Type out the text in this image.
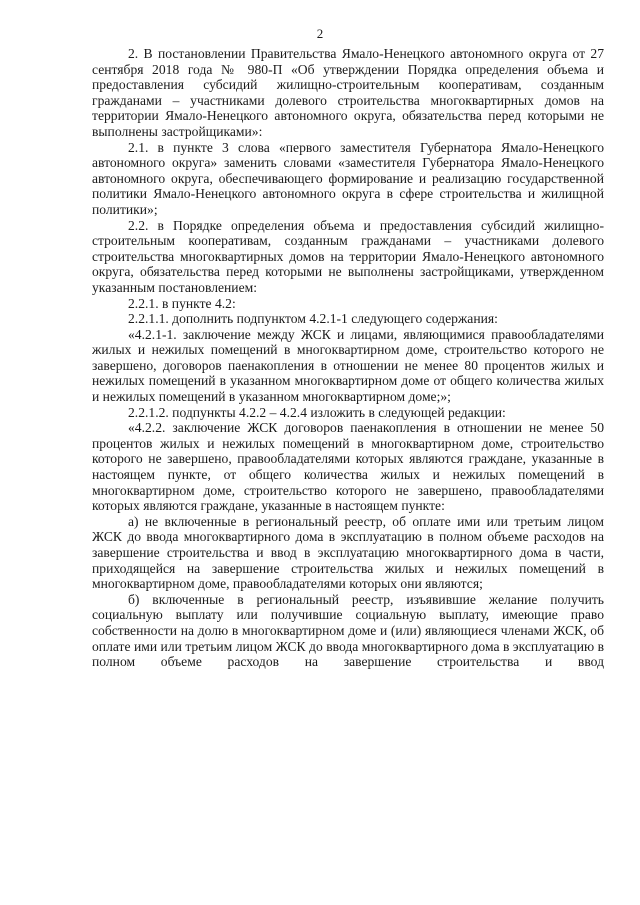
2

2. В постановлении Правительства Ямало-Ненецкого автономного округа от 27 сентября 2018 года № 980-П «Об утверждении Порядка определения объема и предоставления субсидий жилищно-строительным кооперативам, созданным гражданами – участниками долевого строительства многоквартирных домов на территории Ямало-Ненецкого автономного округа, обязательства перед которыми не выполнены застройщиками»:

2.1. в пункте 3 слова «первого заместителя Губернатора Ямало-Ненецкого автономного округа» заменить словами «заместителя Губернатора Ямало-Ненецкого автономного округа, обеспечивающего формирование и реализацию государственной политики Ямало-Ненецкого автономного округа в сфере строительства и жилищной политики»;

2.2. в Порядке определения объема и предоставления субсидий жилищно-строительным кооперативам, созданным гражданами – участниками долевого строительства многоквартирных домов на территории Ямало-Ненецкого автономного округа, обязательства перед которыми не выполнены застройщиками, утвержденном указанным постановлением:

2.2.1. в пункте 4.2:

2.2.1.1. дополнить подпунктом 4.2.1-1 следующего содержания:

«4.2.1-1. заключение между ЖСК и лицами, являющимися правообладателями жилых и нежилых помещений в многоквартирном доме, строительство которого не завершено, договоров паенакопления в отношении не менее 80 процентов жилых и нежилых помещений в указанном многоквартирном доме от общего количества жилых и нежилых помещений в указанном многоквартирном доме;»;

2.2.1.2. подпункты 4.2.2 – 4.2.4 изложить в следующей редакции:

«4.2.2. заключение ЖСК договоров паенакопления в отношении не менее 50 процентов жилых и нежилых помещений в многоквартирном доме, строительство которого не завершено, правообладателями которых являются граждане, указанные в настоящем пункте, от общего количества жилых и нежилых помещений в многоквартирном доме, строительство которого не завершено, правообладателями которых являются граждане, указанные в настоящем пункте:

а) не включенные в региональный реестр, об оплате ими или третьим лицом ЖСК до ввода многоквартирного дома в эксплуатацию в полном объеме расходов на завершение строительства и ввод в эксплуатацию многоквартирного дома в части, приходящейся на завершение строительства жилых и нежилых помещений в многоквартирном доме, правообладателями которых они являются;

б) включенные в региональный реестр, изъявившие желание получить социальную выплату или получившие социальную выплату, имеющие право собственности на долю в многоквартирном доме и (или) являющиеся членами ЖСК, об оплате ими или третьим лицом ЖСК до ввода многоквартирного дома в эксплуатацию в полном объеме расходов на завершение строительства и ввод
